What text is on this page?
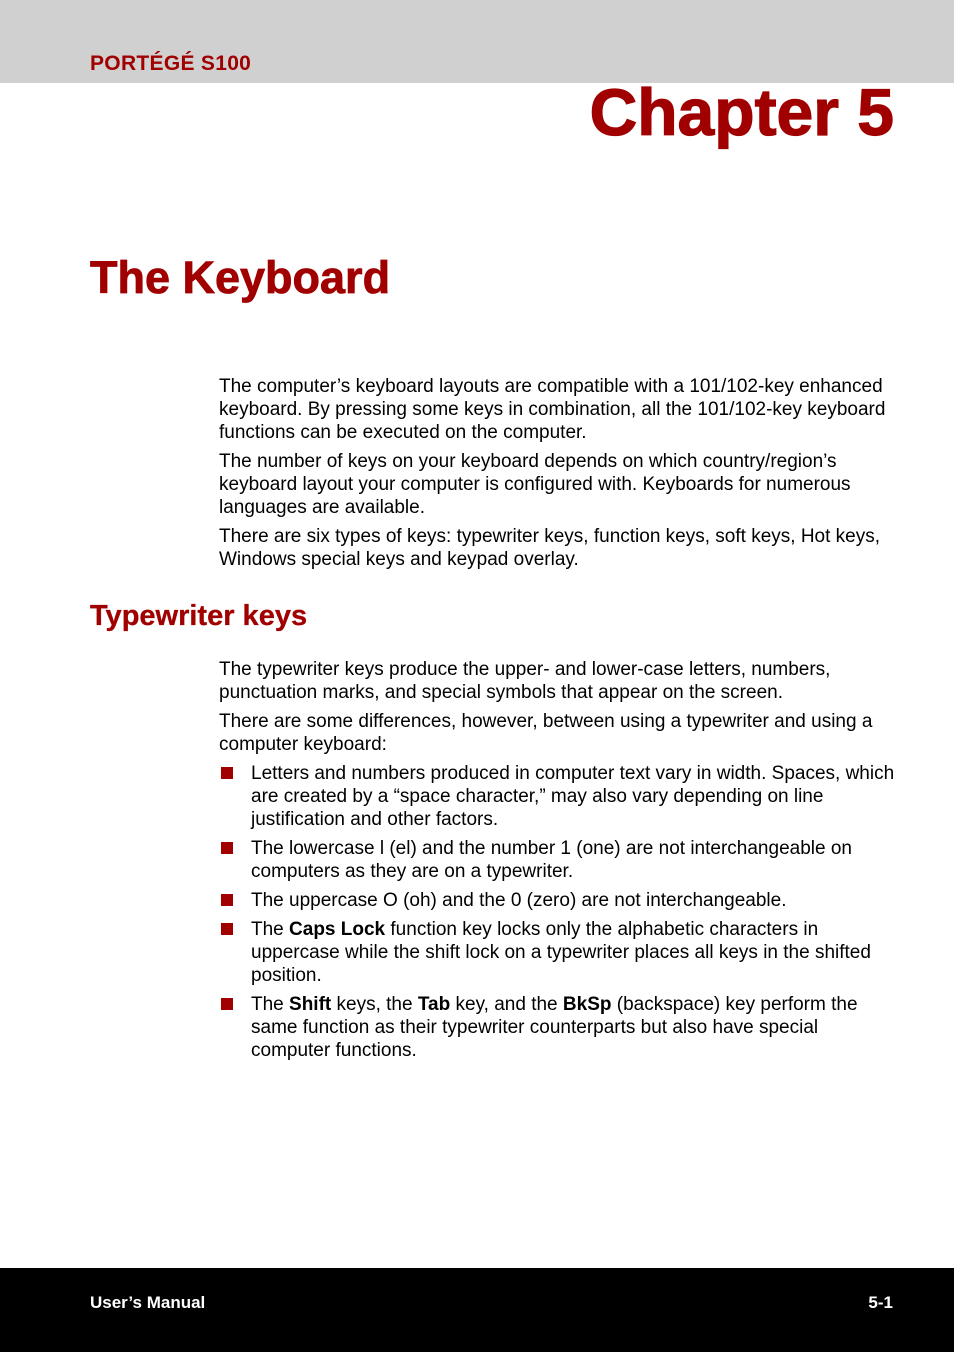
PORTÉGÉ S100
Chapter 5
The Keyboard

The computer’s keyboard layouts are compatible with a 101/102-key enhanced keyboard. By pressing some keys in combination, all the 101/102-key keyboard functions can be executed on the computer.

The number of keys on your keyboard depends on which country/region’s keyboard layout your computer is configured with. Keyboards for numerous languages are available.

There are six types of keys: typewriter keys, function keys, soft keys, Hot keys, Windows special keys and keypad overlay.

Typewriter keys

The typewriter keys produce the upper- and lower-case letters, numbers, punctuation marks, and special symbols that appear on the screen.

There are some differences, however, between using a typewriter and using a computer keyboard:

Letters and numbers produced in computer text vary in width. Spaces, which are created by a “space character,” may also vary depending on line justification and other factors.
The lowercase l (el) and the number 1 (one) are not interchangeable on computers as they are on a typewriter.
The uppercase O (oh) and the 0 (zero) are not interchangeable.
The Caps Lock function key locks only the alphabetic characters in uppercase while the shift lock on a typewriter places all keys in the shifted position.
The Shift keys, the Tab key, and the BkSp (backspace) key perform the same function as their typewriter counterparts but also have special computer functions.
User’s Manual	5-1
